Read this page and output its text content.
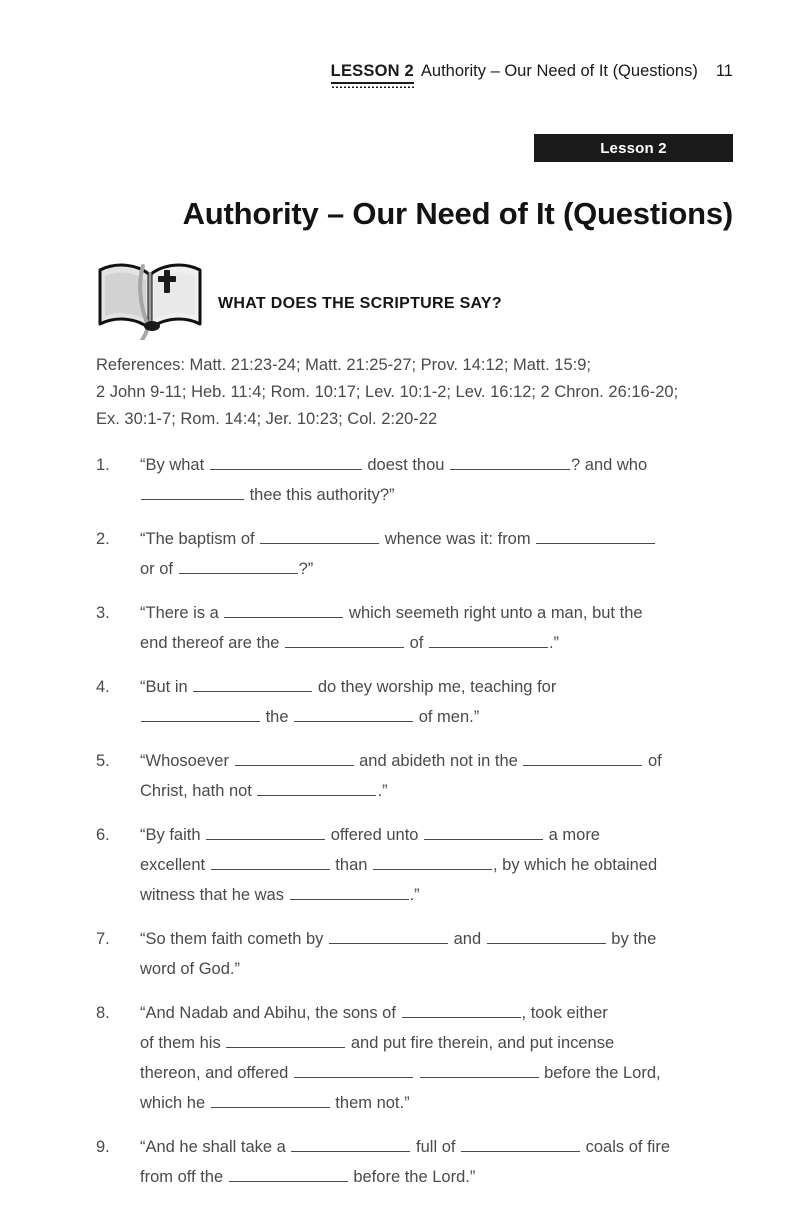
LESSON 2 Authority – Our Need of It (Questions) 11
Lesson 2
Authority – Our Need of It (Questions)
WHAT DOES THE SCRIPTURE SAY?
References: Matt. 21:23-24; Matt. 21:25-27; Prov. 14:12; Matt. 15:9;
2 John 9-11; Heb. 11:4; Rom. 10:17; Lev. 10:1-2; Lev. 16:12; 2 Chron. 26:16-20;
Ex. 30:1-7; Rom. 14:4; Jer. 10:23; Col. 2:20-22
1.	“By what	doest thou	? and who
thee this authority?”
2.	“The baptism of	whence was it: from
or of	?”
3.	“There is a	which seemeth right unto a man, but the
end thereof are the	of	.”
4.	“But in	do they worship me, teaching for
the	of men.”
5.	“Whosoever	and abideth not in the	of
Christ, hath not	.”
6.	“By faith	offered unto	a more
excellent	than	, by which he obtained
witness that he was	.”
7.	“So them faith cometh by	and	by the
word of God.”
8.	“And Nadab and Abihu, the sons of	, took either
of them his	and put fire therein, and put incense
thereon, and offered	before the Lord,
which he	them not.”
9.	“And he shall take a	full of	coals of fire
from off the	before the Lord.”
